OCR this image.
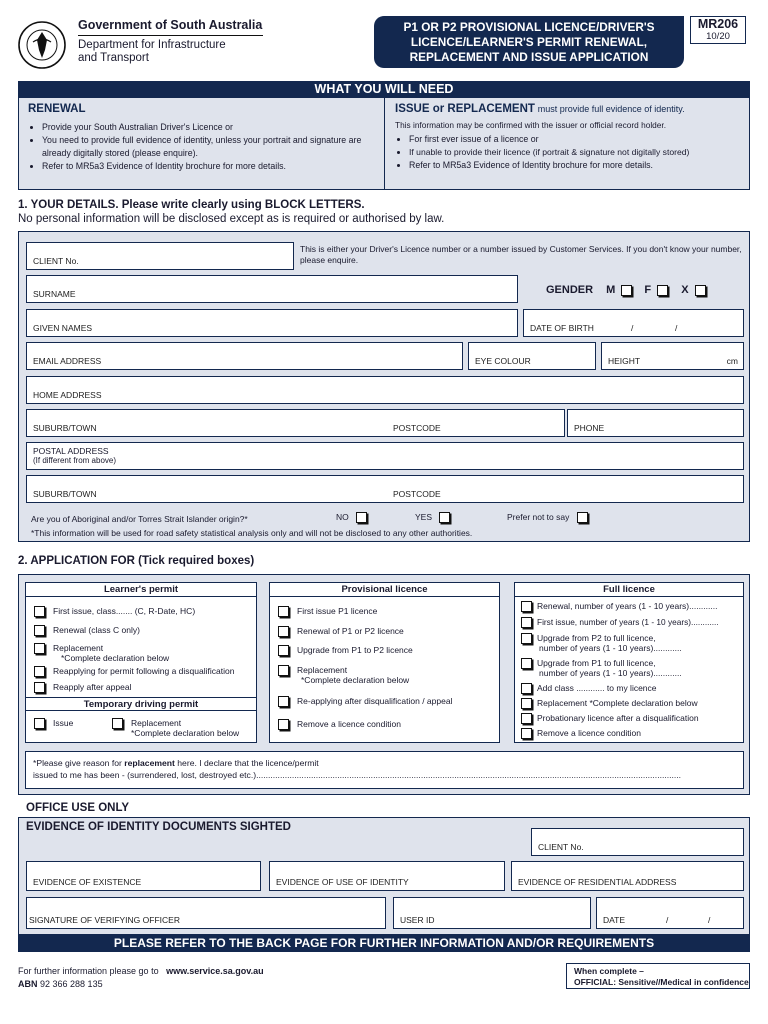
Government of South Australia
Department for Infrastructure
and Transport
P1 OR P2 PROVISIONAL LICENCE/DRIVER'S
LICENCE/LEARNER'S PERMIT RENEWAL,
REPLACEMENT AND ISSUE APPLICATION
MR206
10/20
WHAT YOU WILL NEED
RENEWAL
• Provide your South Australian Driver's Licence or
• You need to provide full evidence of identity, unless your portrait and signature are already digitally stored (please enquire).
• Refer to MR5a3 Evidence of Identity brochure for more details.
ISSUE or REPLACEMENT must provide full evidence of identity.
This information may be confirmed with the issuer or official record holder.
• For first ever issue of a licence or
• If unable to provide their licence (if portrait & signature not digitally stored)
• Refer to MR5a3 Evidence of Identity brochure for more details.
1. YOUR DETAILS. Please write clearly using BLOCK LETTERS.
No personal information will be disclosed except as is required or authorised by law.
CLIENT No.
This is either your Driver's Licence number or a number issued by Customer Services. If you don't know your number, please enquire.
SURNAME	GENDER M	F	X
GIVEN NAMES	DATE OF BIRTH	/	/
EMAIL ADDRESS	EYE COLOUR	HEIGHT	cm
HOME ADDRESS
SUBURB/TOWN	POSTCODE	PHONE
POSTAL ADDRESS
(If different from above)
SUBURB/TOWN	POSTCODE
Are you of Aboriginal and/or Torres Strait Islander origin?*	NO	YES	Prefer not to say
*This information will be used for road safety statistical analysis only and will not be disclosed to any other authorities.
2. APPLICATION FOR (Tick required boxes)
Learner's permit
First issue, class....... (C, R-Date, HC)
Renewal (class C only)
Replacement
*Complete declaration below
Reapplying for permit following a disqualification
Reapply after appeal
Temporary driving permit
Issue	Replacement
*Complete declaration below
Provisional licence
First issue P1 licence
Renewal of P1 or P2 licence
Upgrade from P1 to P2 licence
Replacement
*Complete declaration below
Re-applying after disqualification / appeal
Remove a licence condition
Full licence
Renewal, number of years (1 - 10 years)............
First issue, number of years (1 - 10 years)............
Upgrade from P2 to full licence,
number of years (1 - 10 years)............
Upgrade from P1 to full licence,
number of years (1 - 10 years)............
Add class ............ to my licence
Replacement *Complete declaration below
Probationary licence after a disqualification
Remove a licence condition
*Please give reason for replacement here. I declare that the licence/permit
issued to me has been - (surrendered, lost, destroyed etc.)..................................................................................................................................................................................
OFFICE USE ONLY
EVIDENCE OF IDENTITY DOCUMENTS SIGHTED
CLIENT No.
EVIDENCE OF EXISTENCE	EVIDENCE OF USE OF IDENTITY	EVIDENCE OF RESIDENTIAL ADDRESS
SIGNATURE OF VERIFYING OFFICER	USER ID	DATE	/	/
PLEASE REFER TO THE BACK PAGE FOR FURTHER INFORMATION AND/OR REQUIREMENTS
For further information please go to www.service.sa.gov.au
ABN 92 366 288 135
When complete –
OFFICIAL: Sensitive//Medical in confidence
